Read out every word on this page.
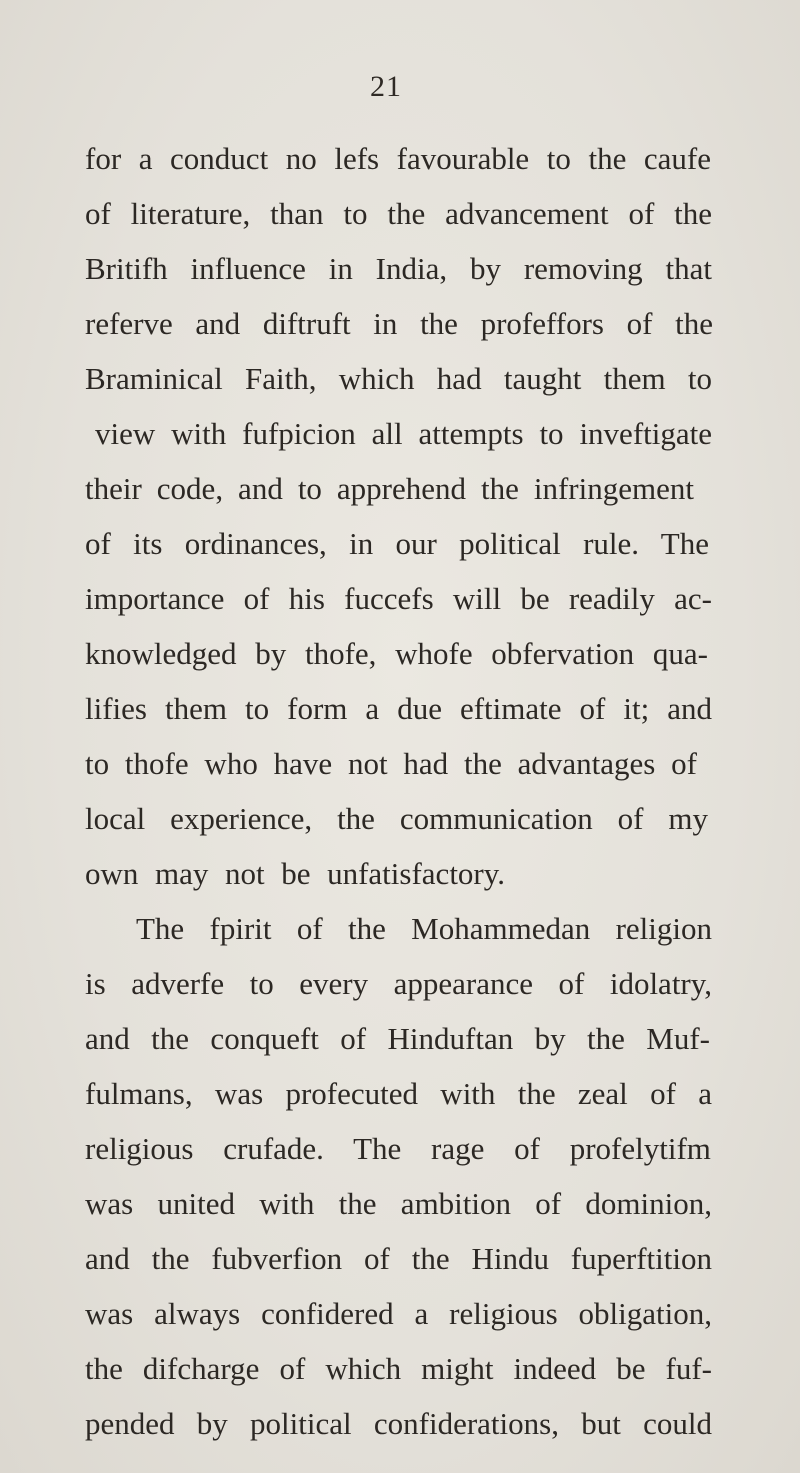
21
for a conduct no lefs favourable to the caufe
of literature, than to the advancement of the
Britifh influence in India, by removing that
referve and diftruft in the profeffors of the
Braminical Faith, which had taught them to
view with fufpicion all attempts to inveftigate
their code, and to apprehend the infringement
of its ordinances, in our political rule. The
importance of his fuccefs will be readily ac-
knowledged by thofe, whofe obfervation qua-
lifies them to form a due eftimate of it; and
to thofe who have not had the advantages of
local experience, the communication of my
own may not be unfatisfactory.
The fpirit of the Mohammedan religion
is adverfe to every appearance of idolatry,
and the conqueft of Hinduftan by the Muf-
fulmans, was profecuted with the zeal of a
religious crufade. The rage of profelytifm
was united with the ambition of dominion,
and the fubverfion of the Hindu fuperftition
was always confidered a religious obligation,
the difcharge of which might indeed be fuf-
pended by political confiderations, but could
